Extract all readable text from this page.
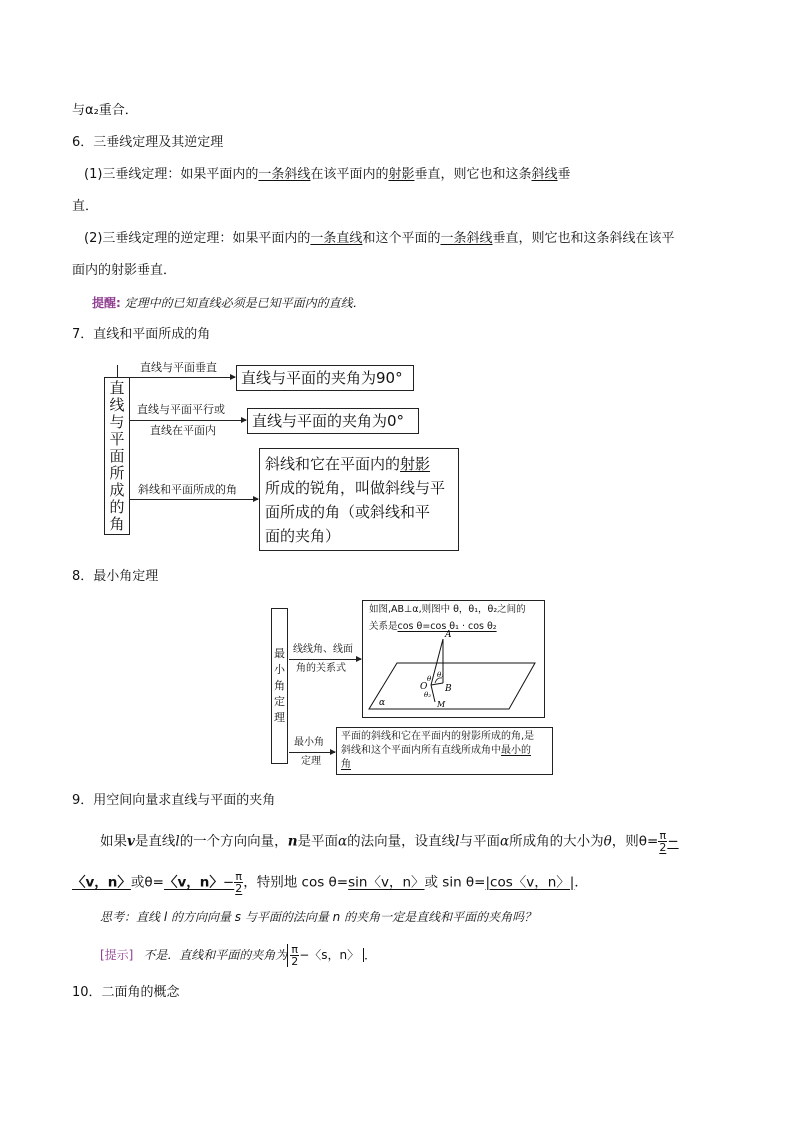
与α₂重合．
6．三垂线定理及其逆定理
(1)三垂线定理：如果平面内的一条斜线在该平面内的射影垂直，则它也和这条斜线垂
直．
(2)三垂线定理的逆定理：如果平面内的一条直线和这个平面的一条斜线垂直，则它也和这条斜线在该平
面内的射影垂直．
提醒: 定理中的已知直线必须是已知平面内的直线．
7．直线和平面所成的角
直
线
与
平
面
所
成
的
角
直线与平面垂直
直线与平面的夹角为90°
直线与平面平行或
直线在平面内
直线与平面的夹角为0°
斜线和平面所成的角
斜线和它在平面内的射影
所成的锐角，叫做斜线与平
面所成的角（或斜线和平
面的夹角）
8．最小角定理
最
小
角
定
理
线线角、线面
角的关系式
如图,AB⊥α,则图中 θ，θ₁，θ₂之间的
关系是cos θ=cos θ₁ · cos θ₂
A
B
O
M
α
θ₁
θ
θ₂
最小角
定理
平面的斜线和它在平面内的射影所成的角,是
斜线和这个平面内所有直线所成角中最小的
角
9．用空间向量求直线与平面的夹角
如果v是直线l的一个方向向量，n是平面α的法向量，设直线l与平面α所成角的大小为θ，则$\theta= \frac{\pi}{2}$ −
〈v，n〉或θ=〈v，n〉− $\frac{\pi}{2}$ ，特别地 cos θ=sin〈v，n〉或 sin θ=|cos〈v，n〉|．
思考：直线 l 的方向向量 s 与平面的法向量 n 的夹角一定是直线和平面的夹角吗？
[提示] 不是．直线和平面的夹角为 $\frac{\pi}{2}$ −〈s，n〉 ．
10．二面角的概念
